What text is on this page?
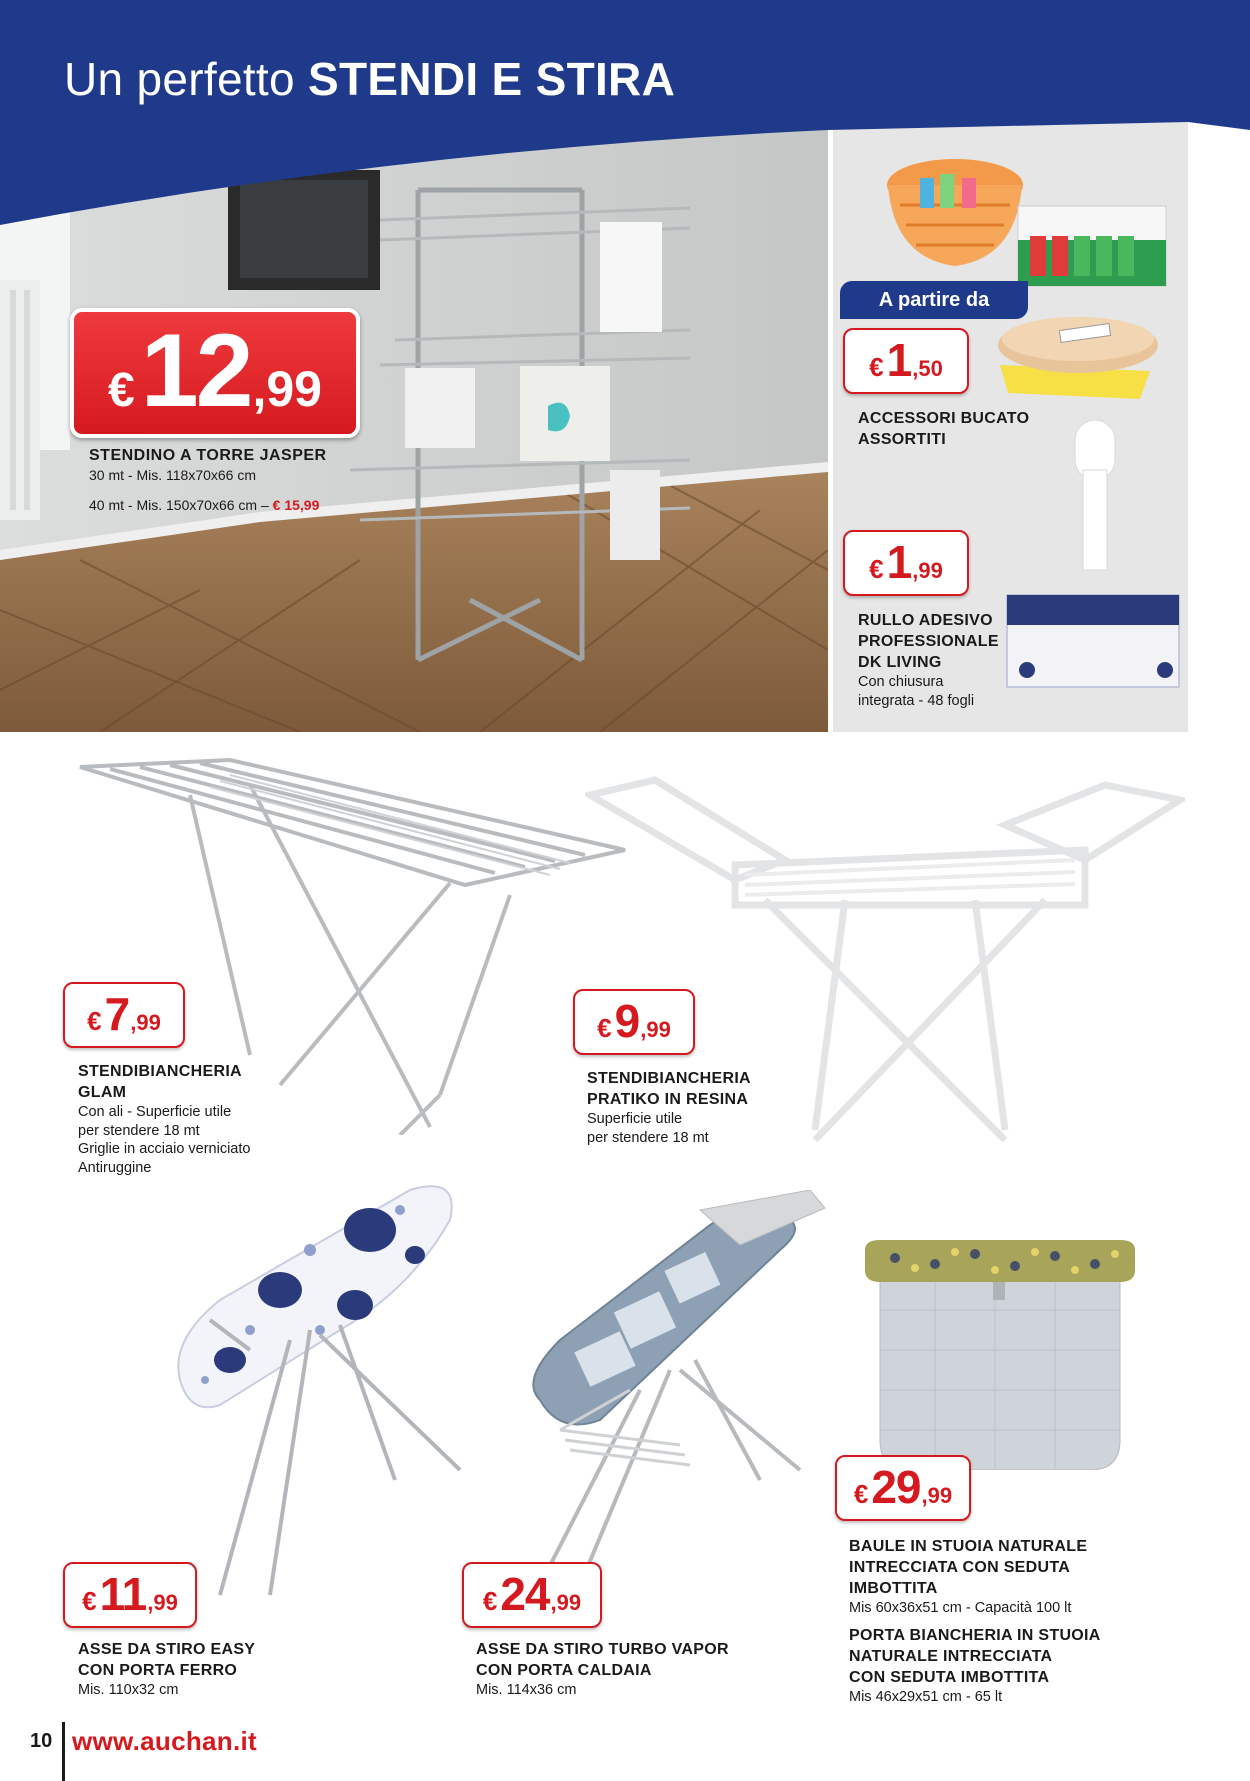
Un perfetto STENDI E STIRA
€ 12 ,99
STENDINO A TORRE JASPER
30 mt - Mis. 118x70x66 cm
40 mt - Mis. 150x70x66 cm – € 15,99
A partire da
€ 1 ,50
ACCESSORI BUCATO
ASSORTITI
€ 1 ,99
RULLO ADESIVO
PROFESSIONALE
DK LIVING
Con chiusura
integrata - 48 fogli
€ 7 ,99
STENDIBIANCHERIA
GLAM
Con ali - Superficie utile
per stendere 18 mt
Griglie in acciaio verniciato
Antiruggine
€ 9 ,99
STENDIBIANCHERIA
PRATIKO IN RESINA
Superficie utile
per stendere 18 mt
€ 29 ,99
BAULE IN STUOIA NATURALE
INTRECCIATA CON SEDUTA
IMBOTTITA
Mis 60x36x51 cm - Capacità 100 lt
PORTA BIANCHERIA IN STUOIA
NATURALE INTRECCIATA
CON SEDUTA IMBOTTITA
Mis 46x29x51 cm - 65 lt
€ 11 ,99
ASSE DA STIRO EASY
CON PORTA FERRO
Mis. 110x32 cm
€ 24 ,99
ASSE DA STIRO TURBO VAPOR
CON PORTA CALDAIA
Mis. 114x36 cm
10 www.auchan.it
